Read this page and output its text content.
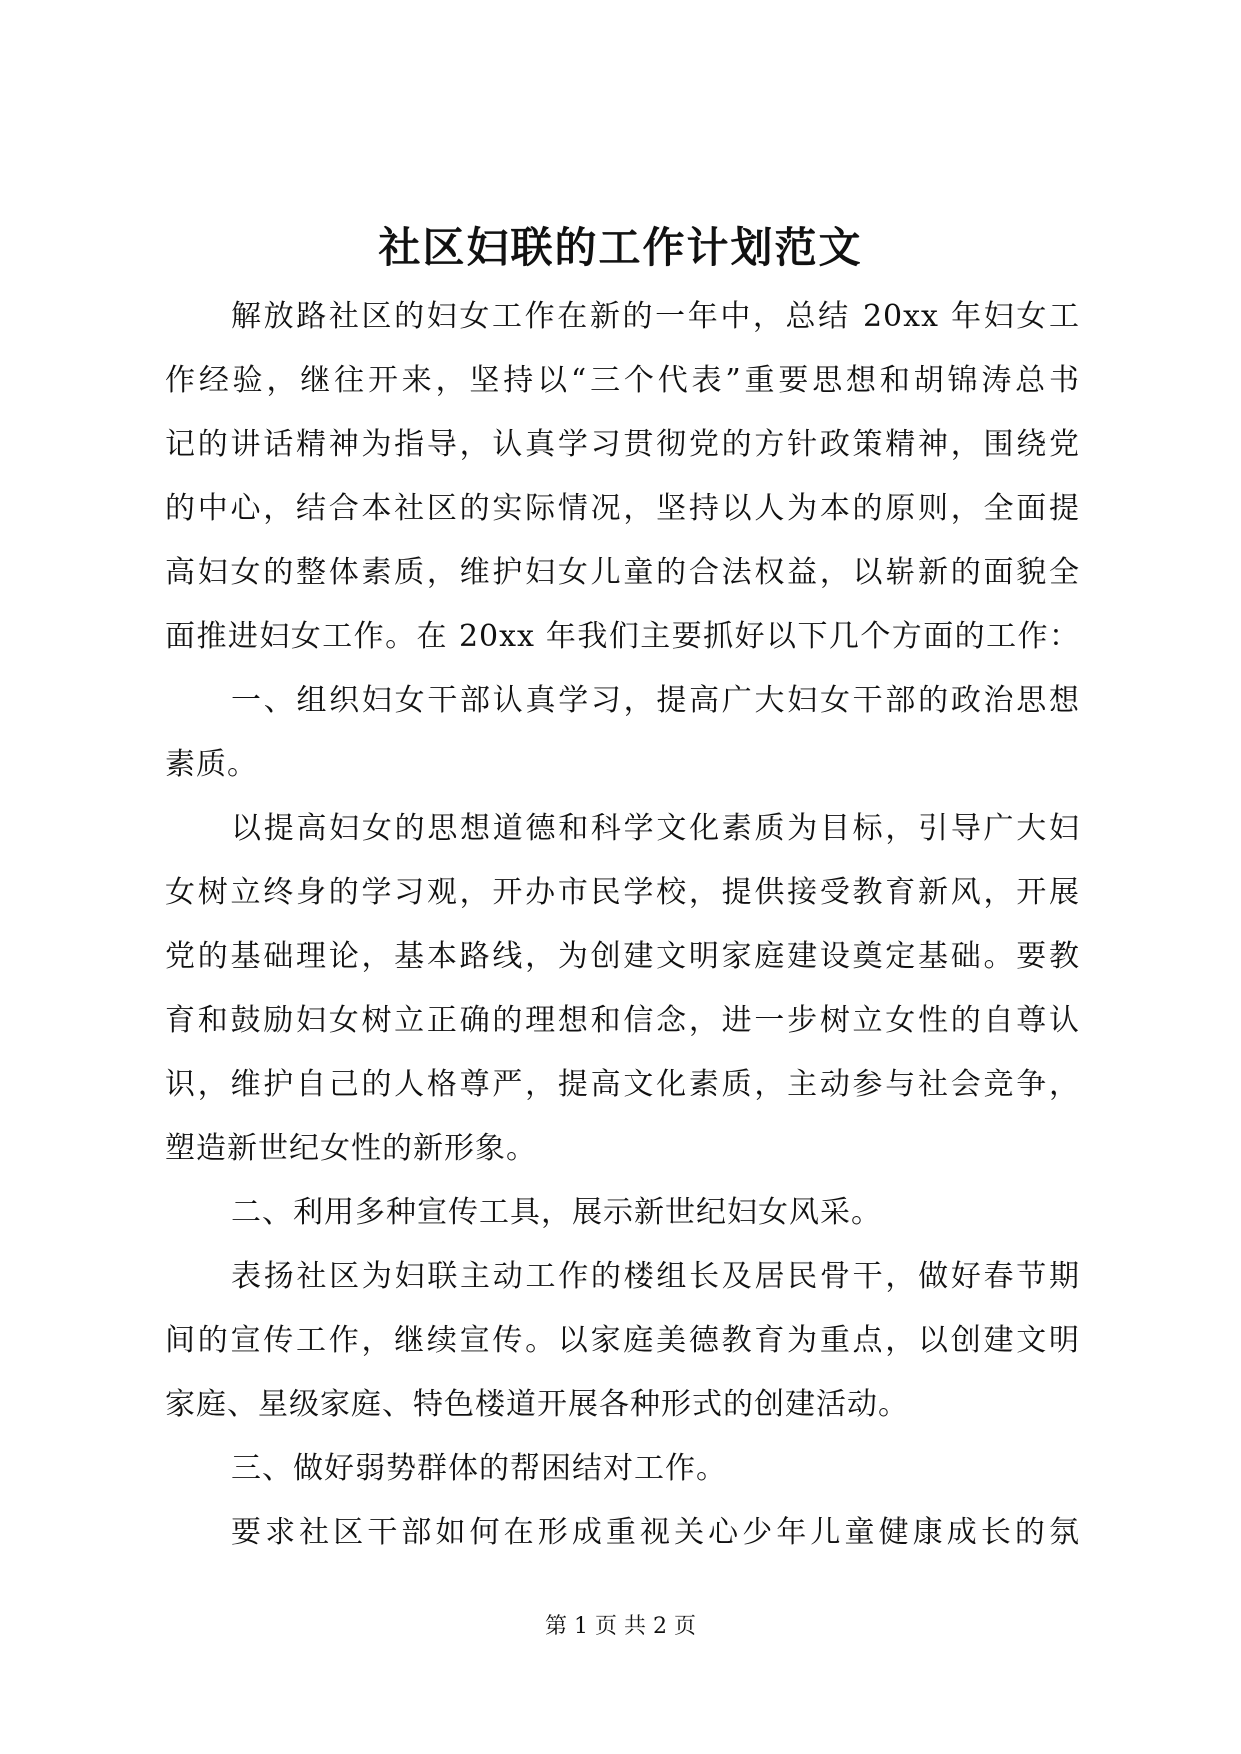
社区妇联的工作计划范文
解放路社区的妇女工作在新的一年中，总结 20xx 年妇女工
作经验，继往开来，坚持以“三个代表”重要思想和胡锦涛总书
记的讲话精神为指导，认真学习贯彻党的方针政策精神，围绕党
的中心，结合本社区的实际情况，坚持以人为本的原则，全面提
高妇女的整体素质，维护妇女儿童的合法权益，以崭新的面貌全
面推进妇女工作。在 20xx 年我们主要抓好以下几个方面的工作：
一、组织妇女干部认真学习，提高广大妇女干部的政治思想
素质。
以提高妇女的思想道德和科学文化素质为目标，引导广大妇
女树立终身的学习观，开办市民学校，提供接受教育新风，开展
党的基础理论，基本路线，为创建文明家庭建设奠定基础。要教
育和鼓励妇女树立正确的理想和信念，进一步树立女性的自尊认
识，维护自己的人格尊严，提高文化素质，主动参与社会竞争，
塑造新世纪女性的新形象。
二、利用多种宣传工具，展示新世纪妇女风采。
表扬社区为妇联主动工作的楼组长及居民骨干，做好春节期
间的宣传工作，继续宣传。以家庭美德教育为重点，以创建文明
家庭、星级家庭、特色楼道开展各种形式的创建活动。
三、做好弱势群体的帮困结对工作。
要求社区干部如何在形成重视关心少年儿童健康成长的氛
第 1 页 共 2 页
